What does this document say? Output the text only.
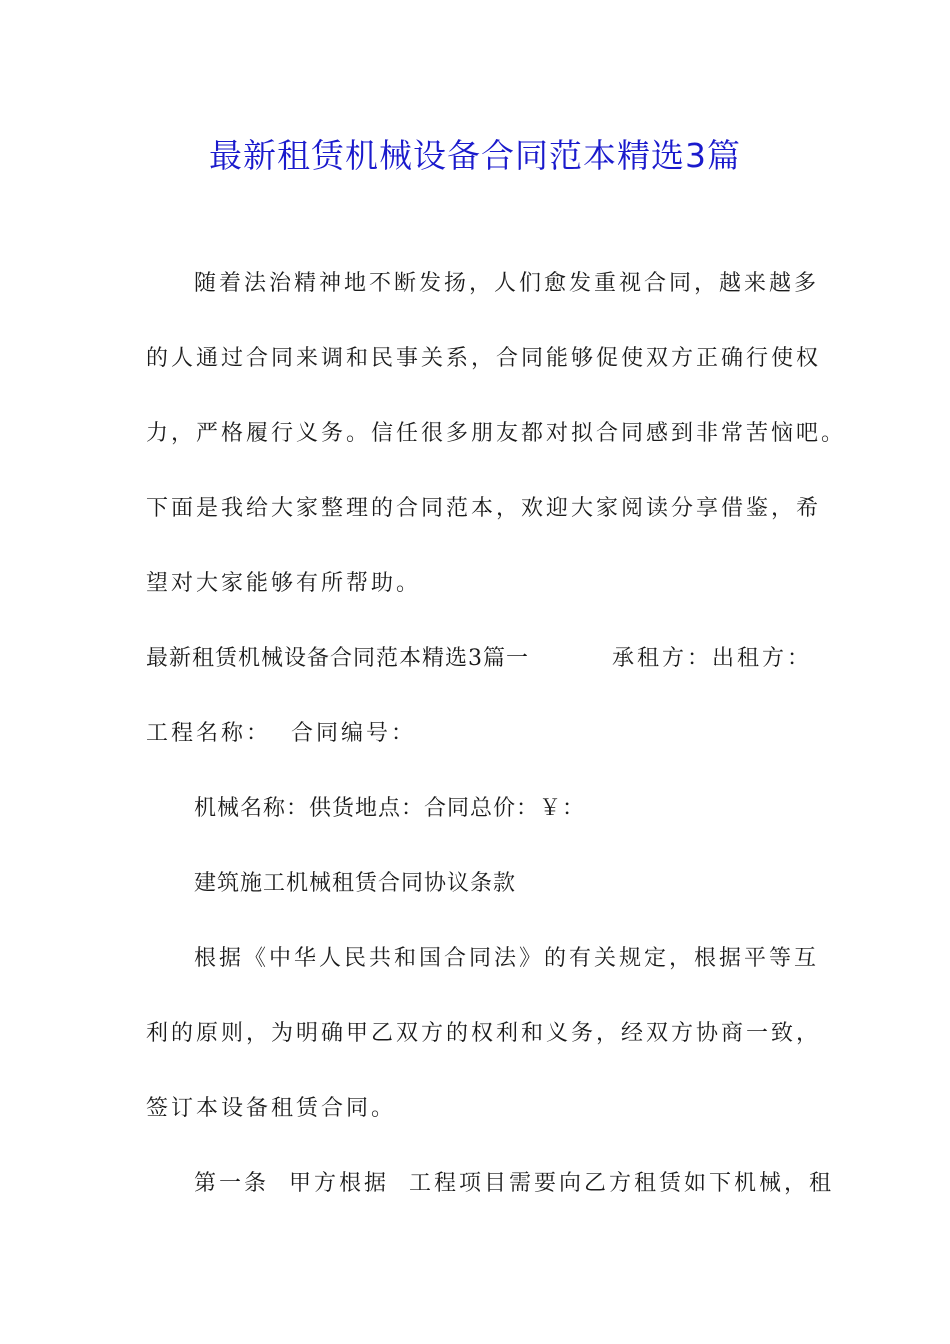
最新租赁机械设备合同范本精选3篇
随着法治精神地不断发扬，人们愈发重视合同，越来越多
的人通过合同来调和民事关系，合同能够促使双方正确行使权
力，严格履行义务。信任很多朋友都对拟合同感到非常苦恼吧。
下面是我给大家整理的合同范本，欢迎大家阅读分享借鉴，希
望对大家能够有所帮助。
最新租赁机械设备合同范本精选3篇一	承租方：出租方：
工程名称：  合同编号：
机械名称：供货地点：合同总价：￥：
建筑施工机械租赁合同协议条款
根据《中华人民共和国合同法》的有关规定，根据平等互
利的原则，为明确甲乙双方的权利和义务，经双方协商一致，
签订本设备租赁合同。
第一条  甲方根据  工程项目需要向乙方租赁如下机械，租
